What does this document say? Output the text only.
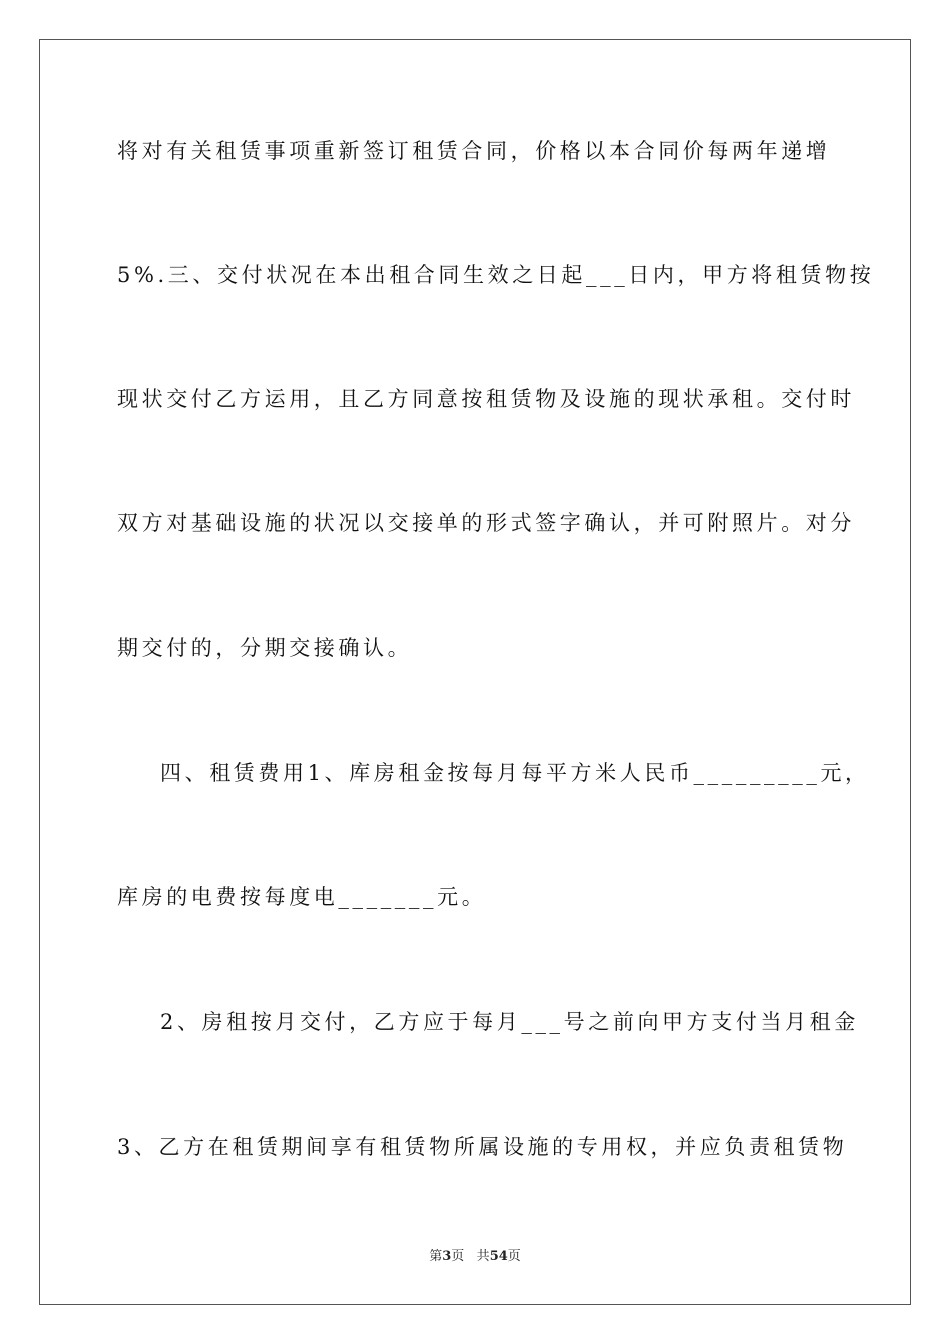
将对有关租赁事项重新签订租赁合同，价格以本合同价每两年递增
5%.三、交付状况在本出租合同生效之日起___日内，甲方将租赁物按
现状交付乙方运用，且乙方同意按租赁物及设施的现状承租。交付时
双方对基础设施的状况以交接单的形式签字确认，并可附照片。对分
期交付的，分期交接确认。
四、租赁费用1、库房租金按每月每平方米人民币_________元，
库房的电费按每度电_______元。
2、房租按月交付，乙方应于每月___号之前向甲方支付当月租金
3、乙方在租赁期间享有租赁物所属设施的专用权，并应负责租赁物
第3页 共54页
